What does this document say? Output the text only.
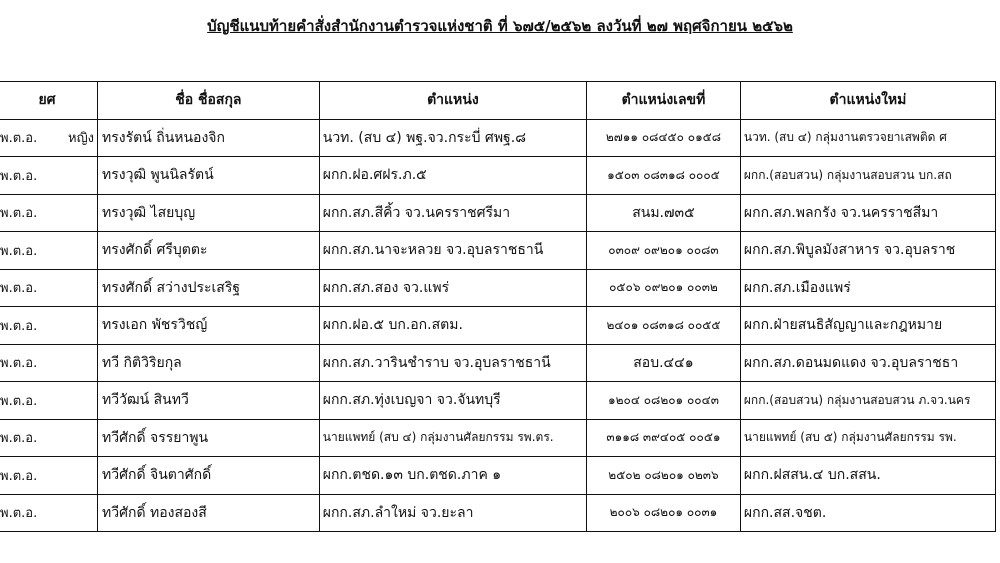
บัญชีแนบท้ายคำสั่งสำนักงานตำรวจแห่งชาติ ที่ ๖๗๕/๒๕๖๒ ลงวันที่ ๒๗ พฤศจิกายน ๒๕๖๒
ยศ	ชื่อ ชื่อสกุล	ตำแหน่ง	ตำแหน่งเลขที่	ตำแหน่งใหม่
พ.ต.อ. หญิง	ทรงรัตน์ ถิ่นหนองจิก	นวท. (สบ ๔) พฐ.จว.กระบี่ ศพฐ.๘	๒๗๑๑ ๐๘๔๕๐ ๐๑๕๘	นวท. (สบ ๔) กลุ่มงานตรวจยาเสพติด ศ
พ.ต.อ.	ทรงวุฒิ พูนนิลรัตน์	ผกก.ฝอ.ศฝร.ภ.๕	๑๕๐๓ ๐๘๓๑๘ ๐๐๐๕	ผกก.(สอบสวน) กลุ่มงานสอบสวน บก.สถ
พ.ต.อ.	ทรงวุฒิ ไสยบุญ	ผกก.สภ.สีคิ้ว จว.นครราชศรีมา	สนม.๗๓๕	ผกก.สภ.พลกรัง จว.นครราชสีมา
พ.ต.อ.	ทรงศักดิ์ ศรีบุตตะ	ผกก.สภ.นาจะหลวย จว.อุบลราชธานี	๐๓๐๙ ๐๙๒๐๑ ๐๐๘๓	ผกก.สภ.พิบูลมังสาหาร จว.อุบลราช
พ.ต.อ.	ทรงศักดิ์ สว่างประเสริฐ	ผกก.สภ.สอง จว.แพร่	๐๕๐๖ ๐๙๒๐๑ ๐๐๓๒	ผกก.สภ.เมืองแพร่
พ.ต.อ.	ทรงเอก พัชรวิชญ์	ผกก.ฝอ.๕ บก.อก.สตม.	๒๔๐๑ ๐๘๓๑๘ ๐๐๕๕	ผกก.ฝ่ายสนธิสัญญาและกฎหมาย
พ.ต.อ.	ทวี กิติวิริยกุล	ผกก.สภ.วารินชำราบ จว.อุบลราชธานี	สอบ.๔๔๑	ผกก.สภ.ดอนมดแดง จว.อุบลราชธา
พ.ต.อ.	ทวีวัฒน์ สินทวี	ผกก.สภ.ทุ่งเบญจา จว.จันทบุรี	๑๒๐๔ ๐๘๒๐๑ ๐๐๔๓	ผกก.(สอบสวน) กลุ่มงานสอบสวน ภ.จว.นคร
พ.ต.อ.	ทวีศักดิ์ จรรยาพูน	นายแพทย์ (สบ ๔) กลุ่มงานศัลยกรรม รพ.ตร.	๓๑๑๘ ๓๙๔๐๕ ๐๐๕๑	นายแพทย์ (สบ ๕) กลุ่มงานศัลยกรรม รพ.
พ.ต.อ.	ทวีศักดิ์ จินตาศักดิ์	ผกก.ตชด.๑๓ บก.ตชด.ภาค ๑	๒๕๐๒ ๐๘๒๐๑ ๐๒๓๖	ผกก.ฝสสน.๔ บก.สสน.
พ.ต.อ.	ทวีศักดิ์ ทองสองสี	ผกก.สภ.ลำใหม่ จว.ยะลา	๒๐๐๖ ๐๘๒๐๑ ๐๐๓๑	ผกก.สส.จชต.
